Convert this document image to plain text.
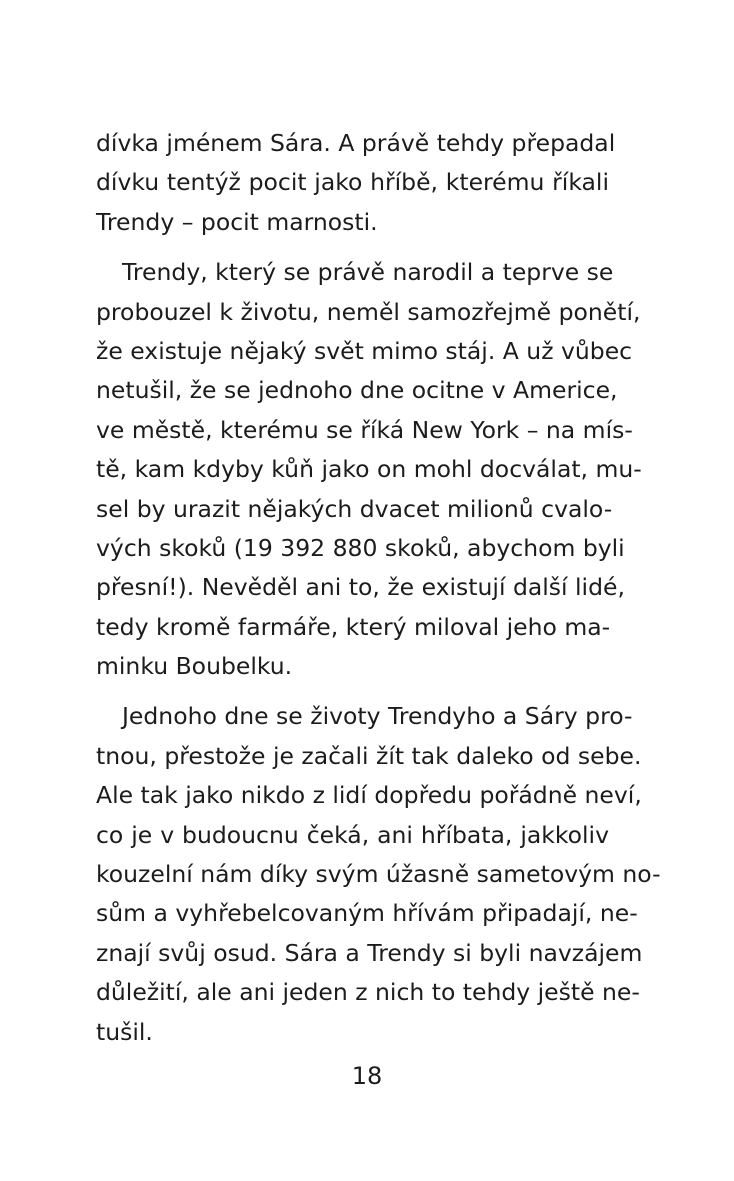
dívka jménem Sára. A právě tehdy přepadal
dívku tentýž pocit jako hříbě, kterému říkali
Trendy – pocit marnosti.
Trendy, který se právě narodil a teprve se
probouzel k životu, neměl samozřejmě ponětí,
že existuje nějaký svět mimo stáj. A už vůbec
netušil, že se jednoho dne ocitne v Americe,
ve městě, kterému se říká New York – na mís-
tě, kam kdyby kůň jako on mohl docválat, mu-
sel by urazit nějakých dvacet milionů cvalo-
vých skoků (19 392 880 skoků, abychom byli
přesní!). Nevěděl ani to, že existují další lidé,
tedy kromě farmáře, který miloval jeho ma-
minku Boubelku.
Jednoho dne se životy Trendyho a Sáry pro-
tnou, přestože je začali žít tak daleko od sebe.
Ale tak jako nikdo z lidí dopředu pořádně neví,
co je v budoucnu čeká, ani hříbata, jakkoliv
kouzelní nám díky svým úžasně sametovým no-
sům a vyhřebelcovaným hřívám připadají, ne-
znají svůj osud. Sára a Trendy si byli navzájem
důležití, ale ani jeden z nich to tehdy ještě ne-
tušil.
18
